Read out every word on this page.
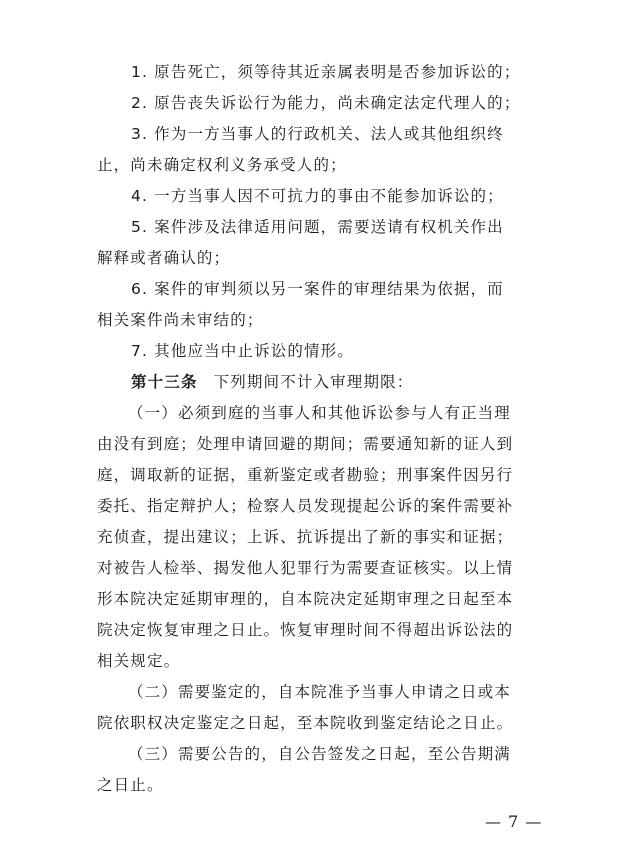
1. 原告死亡，须等待其近亲属表明是否参加诉讼的；
2. 原告丧失诉讼行为能力，尚未确定法定代理人的；
3. 作为一方当事人的行政机关、法人或其他组织终
止，尚未确定权利义务承受人的；
4. 一方当事人因不可抗力的事由不能参加诉讼的；
5. 案件涉及法律适用问题，需要送请有权机关作出
解释或者确认的；
6. 案件的审判须以另一案件的审理结果为依据，而
相关案件尚未审结的；
7. 其他应当中止诉讼的情形。
第十三条 下列期间不计入审理期限：
（一）必须到庭的当事人和其他诉讼参与人有正当理
由没有到庭；处理申请回避的期间；需要通知新的证人到
庭，调取新的证据，重新鉴定或者勘验；刑事案件因另行
委托、指定辩护人；检察人员发现提起公诉的案件需要补
充侦查，提出建议；上诉、抗诉提出了新的事实和证据；
对被告人检举、揭发他人犯罪行为需要查证核实。以上情
形本院决定延期审理的，自本院决定延期审理之日起至本
院决定恢复审理之日止。恢复审理时间不得超出诉讼法的
相关规定。
（二）需要鉴定的，自本院准予当事人申请之日或本
院依职权决定鉴定之日起，至本院收到鉴定结论之日止。
（三）需要公告的，自公告签发之日起，至公告期满
之日止。
— 7 —
